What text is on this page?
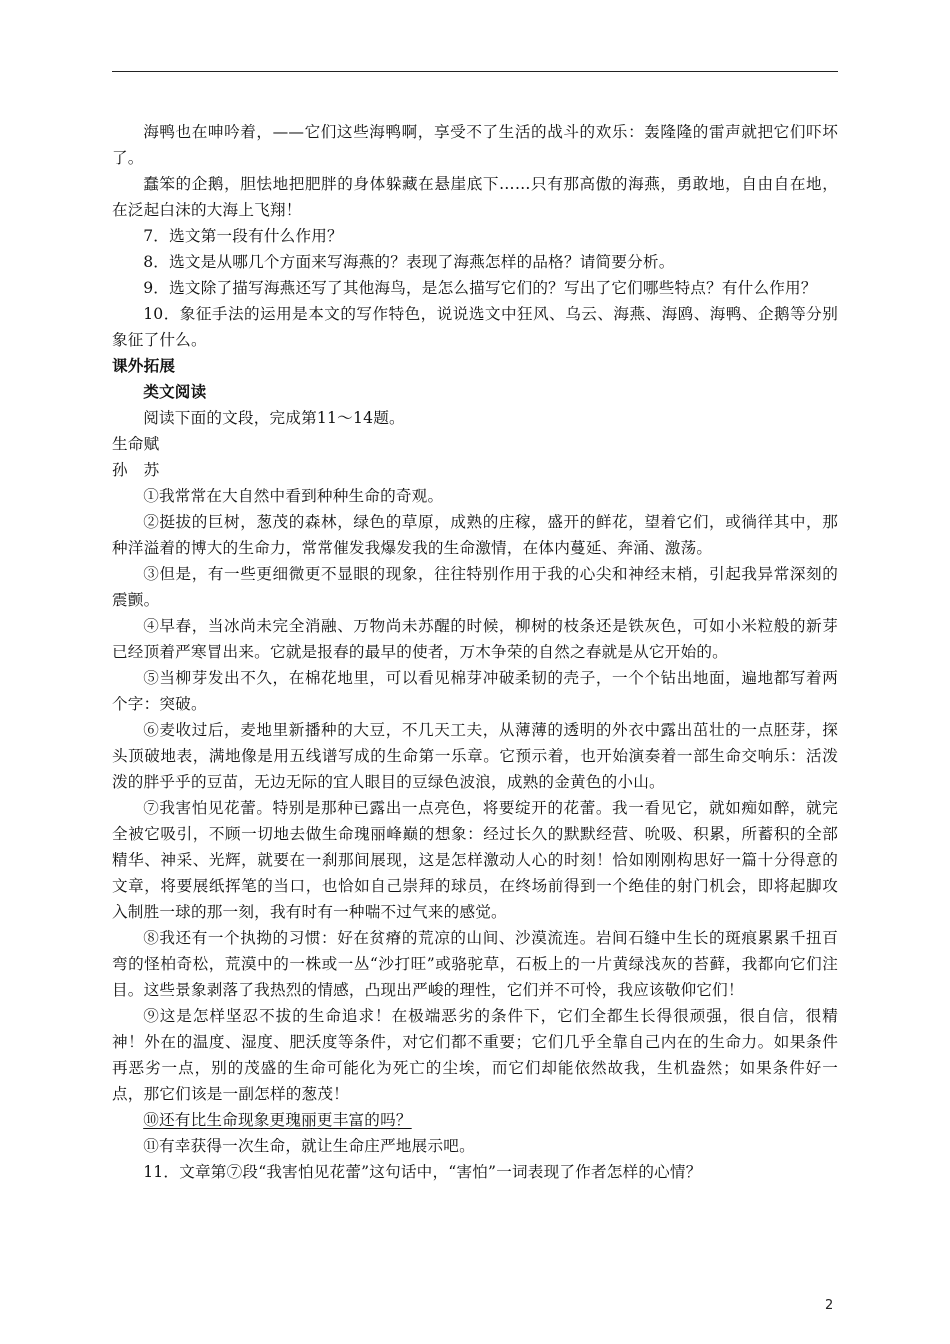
海鸭也在呻吟着，——它们这些海鸭啊，享受不了生活的战斗的欢乐：轰隆隆的雷声就把它们吓坏了。

蠢笨的企鹅，胆怯地把肥胖的身体躲藏在悬崖底下……只有那高傲的海燕，勇敢地，自由自在地，在泛起白沫的大海上飞翔！

7．选文第一段有什么作用？

8．选文是从哪几个方面来写海燕的？表现了海燕怎样的品格？请简要分析。

9．选文除了描写海燕还写了其他海鸟，是怎么描写它们的？写出了它们哪些特点？有什么作用？

10．象征手法的运用是本文的写作特色，说说选文中狂风、乌云、海燕、海鸥、海鸭、企鹅等分别象征了什么。

课外拓展

类文阅读

阅读下面的文段，完成第11～14题。

生命赋

孙　苏

①我常常在大自然中看到种种生命的奇观。

②挺拔的巨树，葱茂的森林，绿色的草原，成熟的庄稼，盛开的鲜花，望着它们，或徜徉其中，那种洋溢着的博大的生命力，常常催发我爆发我的生命激情，在体内蔓延、奔涌、激荡。

③但是，有一些更细微更不显眼的现象，往往特别作用于我的心尖和神经末梢，引起我异常深刻的震颤。

④早春，当冰尚未完全消融、万物尚未苏醒的时候，柳树的枝条还是铁灰色，可如小米粒般的新芽已经顶着严寒冒出来。它就是报春的最早的使者，万木争荣的自然之春就是从它开始的。

⑤当柳芽发出不久，在棉花地里，可以看见棉芽冲破柔韧的壳子，一个个钻出地面，遍地都写着两个字：突破。

⑥麦收过后，麦地里新播种的大豆，不几天工夫，从薄薄的透明的外衣中露出茁壮的一点胚芽，探头顶破地表，满地像是用五线谱写成的生命第一乐章。它预示着，也开始演奏着一部生命交响乐：活泼泼的胖乎乎的豆苗，无边无际的宜人眼目的豆绿色波浪，成熟的金黄色的小山。

⑦我害怕见花蕾。特别是那种已露出一点亮色，将要绽开的花蕾。我一看见它，就如痴如醉，就完全被它吸引，不顾一切地去做生命瑰丽峰巅的想象：经过长久的默默经营、吮吸、积累，所蓄积的全部精华、神采、光辉，就要在一刹那间展现，这是怎样激动人心的时刻！恰如刚刚构思好一篇十分得意的文章，将要展纸挥笔的当口，也恰如自己崇拜的球员，在终场前得到一个绝佳的射门机会，即将起脚攻入制胜一球的那一刻，我有时有一种喘不过气来的感觉。

⑧我还有一个执拗的习惯：好在贫瘠的荒凉的山间、沙漠流连。岩间石缝中生长的斑痕累累千扭百弯的怪柏奇松，荒漠中的一株或一丛“沙打旺”或骆驼草，石板上的一片黄绿浅灰的苔藓，我都向它们注目。这些景象剥落了我热烈的情感，凸现出严峻的理性，它们并不可怜，我应该敬仰它们！

⑨这是怎样坚忍不拔的生命追求！在极端恶劣的条件下，它们全都生长得很顽强，很自信，很精神！外在的温度、湿度、肥沃度等条件，对它们都不重要；它们几乎全靠自己内在的生命力。如果条件再恶劣一点，别的茂盛的生命可能化为死亡的尘埃，而它们却能依然故我，生机盎然；如果条件好一点，那它们该是一副怎样的葱茂！

⑩还有比生命现象更瑰丽更丰富的吗？

⑪有幸获得一次生命，就让生命庄严地展示吧。

11．文章第⑦段“我害怕见花蕾”这句话中，“害怕”一词表现了作者怎样的心情？

2
